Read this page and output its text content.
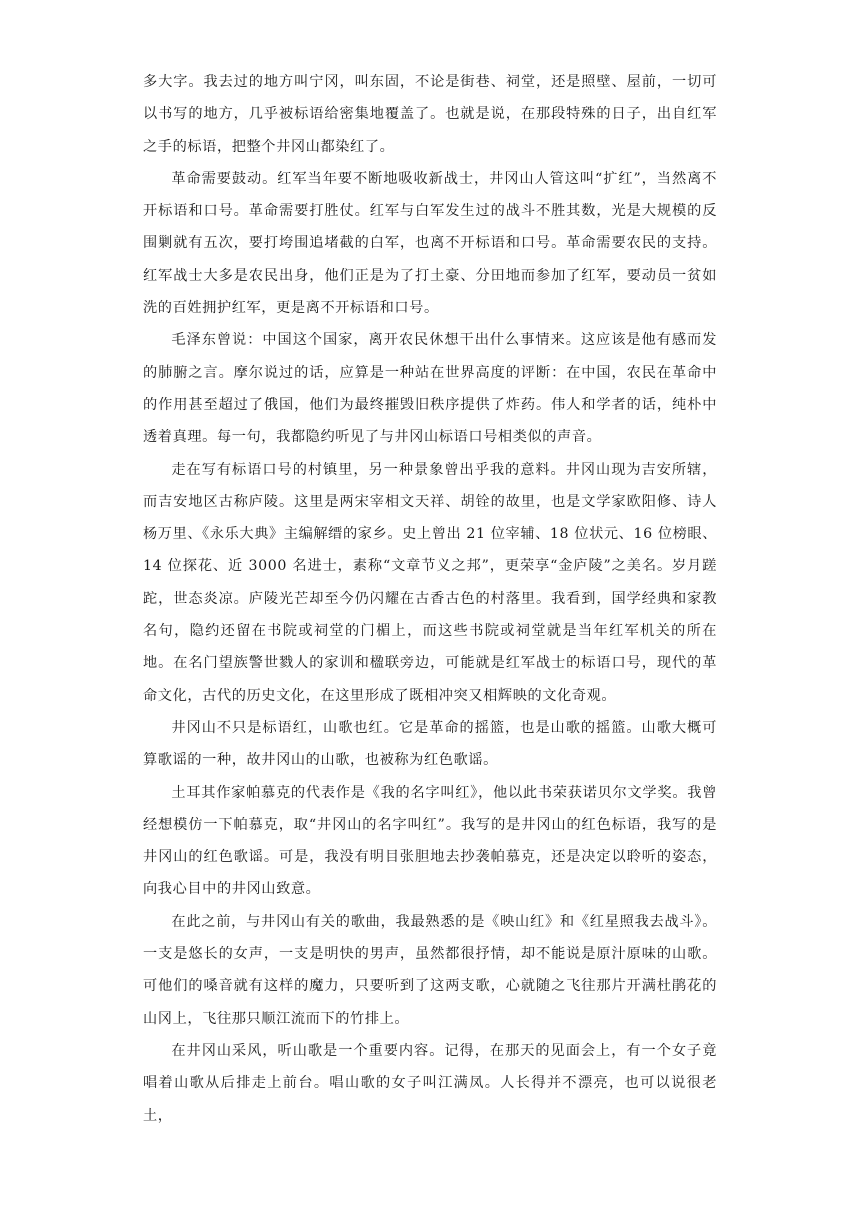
多大字。我去过的地方叫宁冈，叫东固，不论是街巷、祠堂，还是照壁、屋前，一切可以书写的地方，几乎被标语给密集地覆盖了。也就是说，在那段特殊的日子，出自红军之手的标语，把整个井冈山都染红了。

革命需要鼓动。红军当年要不断地吸收新战士，井冈山人管这叫“扩红”，当然离不开标语和口号。革命需要打胜仗。红军与白军发生过的战斗不胜其数，光是大规模的反围剿就有五次，要打垮围追堵截的白军，也离不开标语和口号。革命需要农民的支持。红军战士大多是农民出身，他们正是为了打土豪、分田地而参加了红军，要动员一贫如洗的百姓拥护红军，更是离不开标语和口号。

毛泽东曾说：中国这个国家，离开农民休想干出什么事情来。这应该是他有感而发的肺腑之言。摩尔说过的话，应算是一种站在世界高度的评断：在中国，农民在革命中的作用甚至超过了俄国，他们为最终摧毁旧秩序提供了炸药。伟人和学者的话，纯朴中透着真理。每一句，我都隐约听见了与井冈山标语口号相类似的声音。

走在写有标语口号的村镇里，另一种景象曾出乎我的意料。井冈山现为吉安所辖，而吉安地区古称庐陵。这里是两宋宰相文天祥、胡铨的故里，也是文学家欧阳修、诗人杨万里、《永乐大典》主编解缙的家乡。史上曾出 21 位宰辅、18 位状元、16 位榜眼、14 位探花、近 3000 名进士，素称“文章节义之邦”，更荣享“金庐陵”之美名。岁月蹉跎，世态炎凉。庐陵光芒却至今仍闪耀在古香古色的村落里。我看到，国学经典和家教名句，隐约还留在书院或祠堂的门楣上，而这些书院或祠堂就是当年红军机关的所在地。在名门望族警世戮人的家训和楹联旁边，可能就是红军战士的标语口号，现代的革命文化，古代的历史文化，在这里形成了既相冲突又相辉映的文化奇观。

井冈山不只是标语红，山歌也红。它是革命的摇篮，也是山歌的摇篮。山歌大概可算歌谣的一种，故井冈山的山歌，也被称为红色歌谣。

土耳其作家帕慕克的代表作是《我的名字叫红》，他以此书荣获诺贝尔文学奖。我曾经想模仿一下帕慕克，取“井冈山的名字叫红”。我写的是井冈山的红色标语，我写的是井冈山的红色歌谣。可是，我没有明目张胆地去抄袭帕慕克，还是决定以聆听的姿态，向我心目中的井冈山致意。

在此之前，与井冈山有关的歌曲，我最熟悉的是《映山红》和《红星照我去战斗》。一支是悠长的女声，一支是明快的男声，虽然都很抒情，却不能说是原汁原味的山歌。可他们的嗓音就有这样的魔力，只要听到了这两支歌，心就随之飞往那片开满杜鹃花的山冈上，飞往那只顺江流而下的竹排上。

在井冈山采风，听山歌是一个重要内容。记得，在那天的见面会上，有一个女子竟唱着山歌从后排走上前台。唱山歌的女子叫江满凤。人长得并不漂亮，也可以说很老土，
